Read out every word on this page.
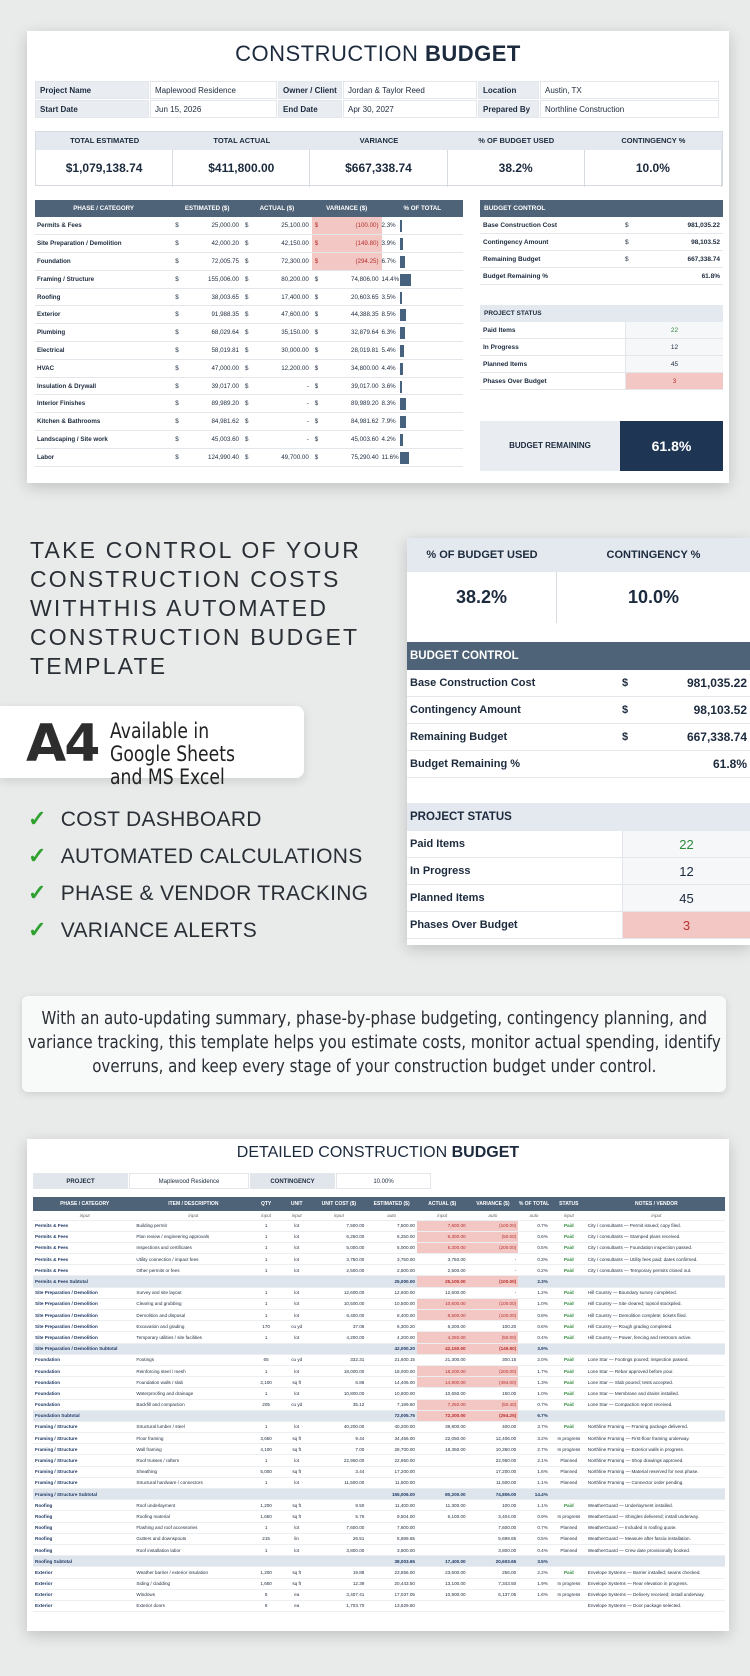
CONSTRUCTION BUDGET
Project Name	Maplewood Residence	Owner / Client	Jordan & Taylor Reed	Location	Austin, TX
Start Date	Jun 15, 2026	End Date	Apr 30, 2027	Prepared By	Northline Construction
TOTAL ESTIMATED	TOTAL ACTUAL	VARIANCE	% OF BUDGET USED	CONTINGENCY %
$1,079,138.74	$411,800.00	$667,338.74	38.2%	10.0%
PHASE / CATEGORY	ESTIMATED ($)		ACTUAL ($)		VARIANCE ($)		% OF TOTAL
Permits & Fees	$	25,000.00	$	25,100.00	$	(100.00)	2.3%

Site Preparation / Demolition	$	42,000.20	$	42,150.00	$	(149.80)	3.9%

Foundation	$	72,005.75	$	72,300.00	$	(294.25)	6.7%

Framing / Structure	$	155,006.00	$	80,200.00	$	74,806.00	14.4%

Roofing	$	38,003.65	$	17,400.00	$	20,603.65	3.5%

Exterior	$	91,988.35	$	47,600.00	$	44,388.35	8.5%

Plumbing	$	68,029.64	$	35,150.00	$	32,879.64	6.3%

Electrical	$	58,019.81	$	30,000.00	$	28,019.81	5.4%

HVAC	$	47,000.00	$	12,200.00	$	34,800.00	4.4%

Insulation & Drywall	$	39,017.00	$	-	$	39,017.00	3.6%

Interior Finishes	$	89,989.20	$	-	$	89,989.20	8.3%

Kitchen & Bathrooms	$	84,981.62	$	-	$	84,981.62	7.9%

Landscaping / Site work	$	45,003.60	$	-	$	45,003.60	4.2%

Labor	$	124,990.40	$	49,700.00	$	75,290.40	11.6%
BUDGET CONTROL
Base Construction Cost	$	981,035.22
Contingency Amount	$	98,103.52
Remaining Budget	$	667,338.74
Budget Remaining %	61.8%
PROJECT STATUS
Paid Items	22
In Progress	12
Planned Items	45
Phases Over Budget	3
BUDGET REMAINING	61.8%
TAKE CONTROL OF YOUR CONSTRUCTION COSTS WITHTHIS AUTOMATED CONSTRUCTION BUDGET TEMPLATE
A4 Available in Google Sheets and MS Excel
✓ COST DASHBOARD
✓ AUTOMATED CALCULATIONS
✓ PHASE & VENDOR TRACKING
✓ VARIANCE ALERTS
% OF BUDGET USED	CONTINGENCY %
38.2%	10.0%
BUDGET CONTROL
Base Construction Cost	$	981,035.22
Contingency Amount	$	98,103.52
Remaining Budget	$	667,338.74
Budget Remaining %	61.8%
PROJECT STATUS
Paid Items	22
In Progress	12
Planned Items	45
Phases Over Budget	3
With an auto-updating summary, phase-by-phase budgeting, contingency planning, and variance tracking, this template helps you estimate costs, monitor actual spending, identify overruns, and keep every stage of your construction budget under control.
DETAILED CONSTRUCTION BUDGET
PROJECT	Maplewood Residence	CONTINGENCY	10.00%
PHASE / CATEGORY	ITEM / DESCRIPTION	QTY	UNIT	UNIT COST ($)	ESTIMATED ($)	ACTUAL ($)	VARIANCE ($)	% OF TOTAL	STATUS	NOTES / VENDOR
input	input	input	input	input	auto	input	auto	auto	input	input
Permits & Fees	Building permit	1	lot	7,500.00	7,500.00	7,600.00	(100.00)	0.7%	Paid	City / consultants — Permit issued; copy filed.
Permits & Fees	Plan review / engineering approvals	1	lot	6,250.00	6,250.00	6,300.00	(50.00)	0.6%	Paid	City / consultants — Stamped plans received.
Permits & Fees	Inspections and certificates	1	lot	5,000.00	5,000.00	5,200.00	(200.00)	0.5%	Paid	City / consultants — Foundation inspection passed.
Permits & Fees	Utility connection / impact fees	1	lot	3,750.00	3,750.00	3,750.00	-	0.3%	Paid	City / consultants — Utility fees paid; dates confirmed.
Permits & Fees	Other permits or fees	1	lot	2,500.00	2,500.00	2,500.00	-	0.2%	Paid	City / consultants — Temporary permits closed out.
Permits & Fees Subtotal					25,000.00	25,100.00	(100.00)	2.3%		
Site Preparation / Demolition	Survey and site layout	1	lot	12,600.00	12,600.00	12,600.00	-	1.2%	Paid	Hill Country — Boundary survey completed.
Site Preparation / Demolition	Clearing and grubbing	1	lot	10,500.00	10,500.00	10,600.00	(100.00)	1.0%	Paid	Hill Country — Site cleared; topsoil stockpiled.
Site Preparation / Demolition	Demolition and disposal	1	lot	8,400.00	8,400.00	8,500.00	(100.00)	0.8%	Paid	Hill Country — Demolition complete; tickets filed.
Site Preparation / Demolition	Excavation and grading	170	cu yd	37.06	6,300.20	6,200.00	100.20	0.6%	Paid	Hill Country — Rough grading completed.
Site Preparation / Demolition	Temporary utilities / site facilities	1	lot	4,200.00	4,200.00	4,250.00	(50.00)	0.4%	Paid	Hill Country — Power, fencing and restroom active.
Site Preparation / Demolition Subtotal					42,000.20	42,150.00	(149.80)	3.9%		
Foundation	Footings	65	cu yd	332.31	21,600.15	21,300.00	300.15	2.0%	Paid	Lone Star — Footings poured; inspection passed.
Foundation	Reinforcing steel / mesh	1	lot	18,000.00	18,000.00	18,200.00	(200.00)	1.7%	Paid	Lone Star — Rebar approved before pour.
Foundation	Foundation walls / slab	2,100	sq ft	6.86	14,406.00	14,900.00	(494.00)	1.3%	Paid	Lone Star — Slab poured; tests accepted.
Foundation	Waterproofing and drainage	1	lot	10,800.00	10,800.00	10,650.00	150.00	1.0%	Paid	Lone Star — Membrane and drains installed.
Foundation	Backfill and compaction	205	cu yd	35.12	7,199.60	7,250.00	(50.40)	0.7%	Paid	Lone Star — Compaction report received.
Foundation Subtotal					72,005.75	72,300.00	(294.25)	6.7%		
Framing / Structure	Structural lumber / steel	1	lot	40,200.00	40,200.00	39,800.00	400.00	3.7%	Paid	Northline Framing — Framing package delivered.
Framing / Structure	Floor framing	3,650	sq ft	9.44	34,456.00	22,050.00	12,406.00	3.2%	In progress	Northline Framing — First-floor framing underway.
Framing / Structure	Wall framing	4,100	sq ft	7.00	28,700.00	18,350.00	10,350.00	2.7%	In progress	Northline Framing — Exterior walls in progress.
Framing / Structure	Roof trusses / rafters	1	lot	22,950.00	22,950.00		22,950.00	2.1%	Planned	Northline Framing — Shop drawings approved.
Framing / Structure	Sheathing	5,000	sq ft	3.44	17,200.00		17,200.00	1.6%	Planned	Northline Framing — Material reserved for next phase.
Framing / Structure	Structural hardware / connectors	1	lot	11,500.00	11,500.00		11,500.00	1.1%	Planned	Northline Framing — Connector order pending.
Framing / Structure Subtotal					155,006.00	80,200.00	74,806.00	14.4%		
Roofing	Roof underlayment	1,200	sq ft	9.50	11,400.00	11,300.00	100.00	1.1%	Paid	WeatherGuard — Underlayment installed.
Roofing	Roofing material	1,650	sq ft	5.76	9,504.00	6,100.00	3,404.00	0.9%	In progress	WeatherGuard — Shingles delivered; install underway.
Roofing	Flashing and roof accessories	1	lot	7,600.00	7,600.00		7,600.00	0.7%	Planned	WeatherGuard — Included in roofing quote.
Roofing	Gutters and downspouts	215	lin	26.51	5,699.65		5,699.65	0.5%	Planned	WeatherGuard — Measure after fascia installation.
Roofing	Roof installation labor	1	lot	3,800.00	3,800.00		3,800.00	0.4%	Planned	WeatherGuard — Crew date provisionally booked.
Roofing Subtotal					38,003.65	17,400.00	20,603.65	3.5%		
Exterior	Weather barrier / exterior insulation	1,200	sq ft	19.88	23,856.00	23,600.00	256.00	2.2%	Paid	Envelope Systems — Barrier installed; seams checked.
Exterior	Siding / cladding	1,650	sq ft	12.39	20,443.50	13,100.00	7,343.50	1.9%	In progress	Envelope Systems — Rear elevation in progress.
Exterior	Windows	5	ea	3,407.41	17,037.05	10,900.00	6,137.05	1.6%	In progress	Envelope Systems — Delivery received; install underway.
Exterior	Exterior doors	8	ea	1,703.70	13,629.60					Envelope Systems — Door package selected.
